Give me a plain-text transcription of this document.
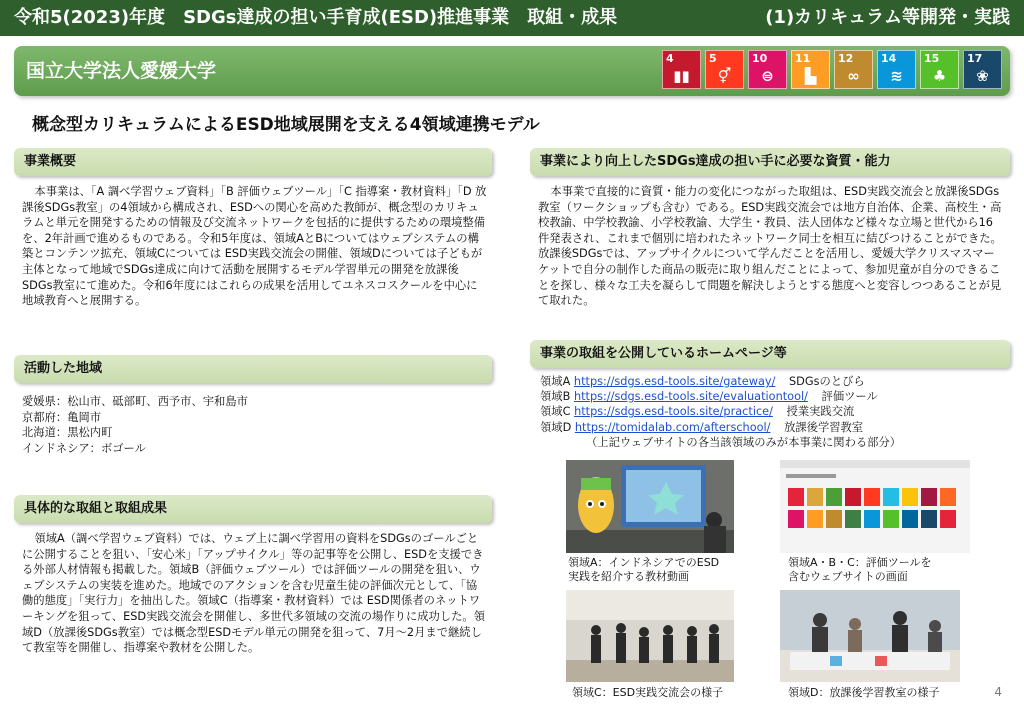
令和5(2023)年度　SDGs達成の担い手育成(ESD)推進事業　取組・成果	(1)カリキュラム等開発・実践
国立大学法人愛媛大学
4
▮▮
5
⚥
10
⊜
11
▙
12
∞
14
≋
15
♣
17
❀
概念型カリキュラムによるESD地域展開を支える4領域連携モデル
事業概要
本事業は、「A 調べ学習ウェブ資料」「B 評価ウェブツール」「C 指導案・教材資料」「D 放課後SDGs教室」の4領域から構成され、ESDへの関心を高めた教師が、概念型のカリキュラムと単元を開発するための情報及び交流ネットワークを包括的に提供するための環境整備を、2年計画で進めるものである。令和5年度は、領域AとBについてはウェブシステムの構築とコンテンツ拡充、領域Cについては ESD実践交流会の開催、領域Dについては子どもが主体となって地域でSDGs達成に向けて活動を展開するモデル学習単元の開発を放課後SDGs教室にて進めた。令和6年度にはこれらの成果を活用してユネスコスクールを中心に地域教育へと展開する。
活動した地域
愛媛県：松山市、砥部町、西予市、宇和島市
京都府：亀岡市
北海道：黒松内町
インドネシア：ボゴール
具体的な取組と取組成果
領域A（調べ学習ウェブ資料）では、ウェブ上に調べ学習用の資料をSDGsのゴールごとに公開することを狙い、「安心米」「アップサイクル」等の記事等を公開し、ESDを支援できる外部人材情報も掲載した。領域B（評価ウェブツール）では評価ツールの開発を狙い、ウェブシステムの実装を進めた。地域でのアクションを含む児童生徒の評価次元として、「協働的態度」「実行力」を抽出した。領域C（指導案・教材資料）では ESD関係者のネットワーキングを狙って、ESD実践交流会を開催し、多世代多領域の交流の場作りに成功した。領域D（放課後SDGs教室）では概念型ESDモデル単元の開発を狙って、7月～2月まで継続して教室等を開催し、指導案や教材を公開した。
事業により向上したSDGs達成の担い手に必要な資質・能力
本事業で直接的に資質・能力の変化につながった取組は、ESD実践交流会と放課後SDGs教室（ワークショップも含む）である。ESD実践交流会では地方自治体、企業、高校生・高校教諭、中学校教諭、小学校教諭、大学生・教員、法人団体など様々な立場と世代から16件発表され、これまで個別に培われたネットワーク同士を相互に結びつけることができた。放課後SDGsでは、アップサイクルについて学んだことを活用し、愛媛大学クリスマスマーケットで自分の制作した商品の販売に取り組んだことによって、参加児童が自分のできることを探し、様々な工夫を凝らして問題を解決しようとする態度へと変容しつつあることが見て取れた。
事業の取組を公開しているホームページ等
領域A https://sdgs.esd-tools.site/gateway/ SDGsのとびら
領域B https://sdgs.esd-tools.site/evaluationtool/ 評価ツール
領域C https://sdgs.esd-tools.site/practice/ 授業実践交流
領域D https://tomidalab.com/afterschool/ 放課後学習教室
（上記ウェブサイトの各当該領域のみが本事業に関わる部分）
領域A：インドネシアでのESD
実践を紹介する教材動画
領域A・B・C：評価ツールを
含むウェブサイトの画面
領域C：ESD実践交流会の様子	領域D：放課後学習教室の様子	4
